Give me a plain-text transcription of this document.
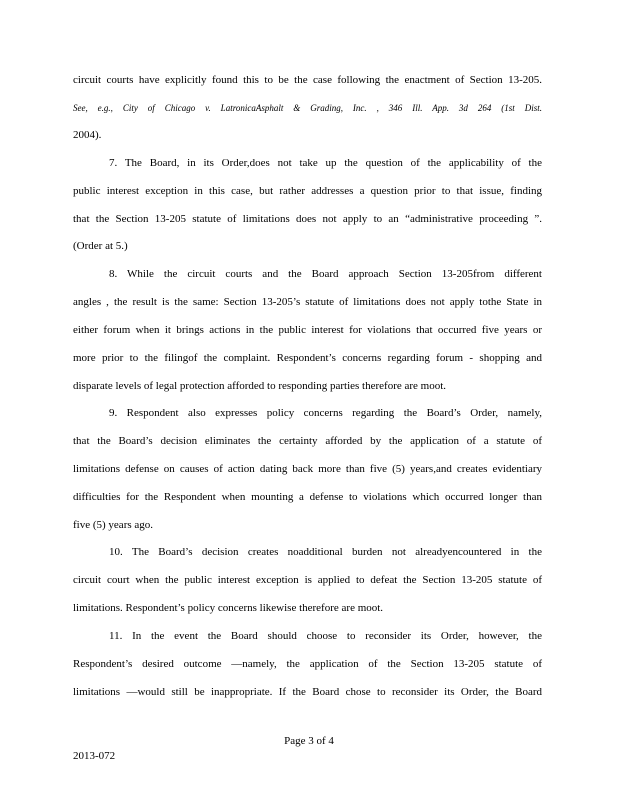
circuit courts have explicitly found this to be the case following the enactment of Section 13-205.
See, e.g., City of Chicago v. LatronicaAsphalt & Grading, Inc. , 346 Ill. App. 3d 264 (1st Dist.
2004).
7. The Board, in its Order,does not take up the question of the applicability of the
public interest exception in this case, but rather addresses a question prior to that issue, finding
that the Section 13-205 statute of limitations does not apply to an “administrative proceeding ”.
(Order at 5.)
8. While the circuit courts and the Board approach Section 13-205from different
angles , the result is the same: Section 13-205’s statute of limitations does not apply tothe State in
either forum when it brings actions in the public interest for violations that occurred five years or
more prior to the filingof the complaint. Respondent’s concerns regarding forum - shopping and
disparate levels of legal protection afforded to responding parties therefore are moot.
9. Respondent also expresses policy concerns regarding the Board’s Order, namely,
that the Board’s decision eliminates the certainty afforded by the application of a statute of
limitations defense on causes of action dating back more than five (5) years,and creates evidentiary
difficulties for the Respondent when mounting a defense to violations which occurred longer than
five (5) years ago.
10. The Board’s decision creates noadditional burden not alreadyencountered in the
circuit court when the public interest exception is applied to defeat the Section 13-205 statute of
limitations. Respondent’s policy concerns likewise therefore are moot.
11. In the event the Board should choose to reconsider its Order, however, the
Respondent’s desired outcome —namely, the application of the Section 13-205 statute of
limitations —would still be inappropriate. If the Board chose to reconsider its Order, the Board
Page 3 of 4
2013-072
